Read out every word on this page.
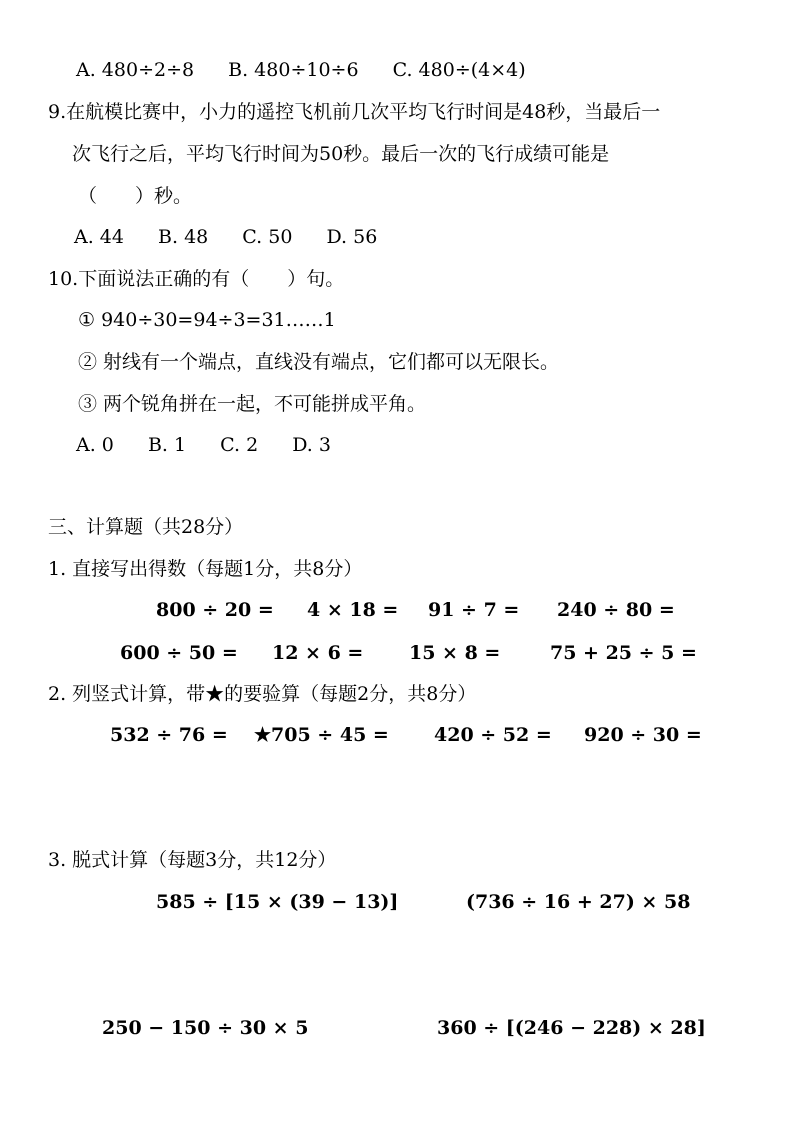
A. 480÷2÷8 B. 480÷10÷6 C. 480÷(4×4)
9.在航模比赛中，小力的遥控飞机前几次平均飞行时间是48秒，当最后一
次飞行之后，平均飞行时间为50秒。最后一次的飞行成绩可能是
（　　）秒。
A. 44 B. 48 C. 50 D. 56
10.下面说法正确的有（　　）句。
① 940÷30=94÷3=31……1
② 射线有一个端点，直线没有端点，它们都可以无限长。
③ 两个锐角拼在一起，不可能拼成平角。
A. 0 B. 1 C. 2 D. 3
三、计算题（共28分）
1. 直接写出得数（每题1分，共8分）
800 ÷ 20 = 4 × 18 = 91 ÷ 7 = 240 ÷ 80 =
600 ÷ 50 = 12 × 6 = 15 × 8 =	75 + 25 ÷ 5 =
2. 列竖式计算，带★的要验算（每题2分，共8分）
532 ÷ 76 = ★705 ÷ 45 = 420 ÷ 52 = 920 ÷ 30 =
3. 脱式计算（每题3分，共12分）
585 ÷ [15 × (39 − 13)]	(736 ÷ 16 + 27) × 58
250 − 150 ÷ 30 × 5	360 ÷ [(246 − 228) × 28]
